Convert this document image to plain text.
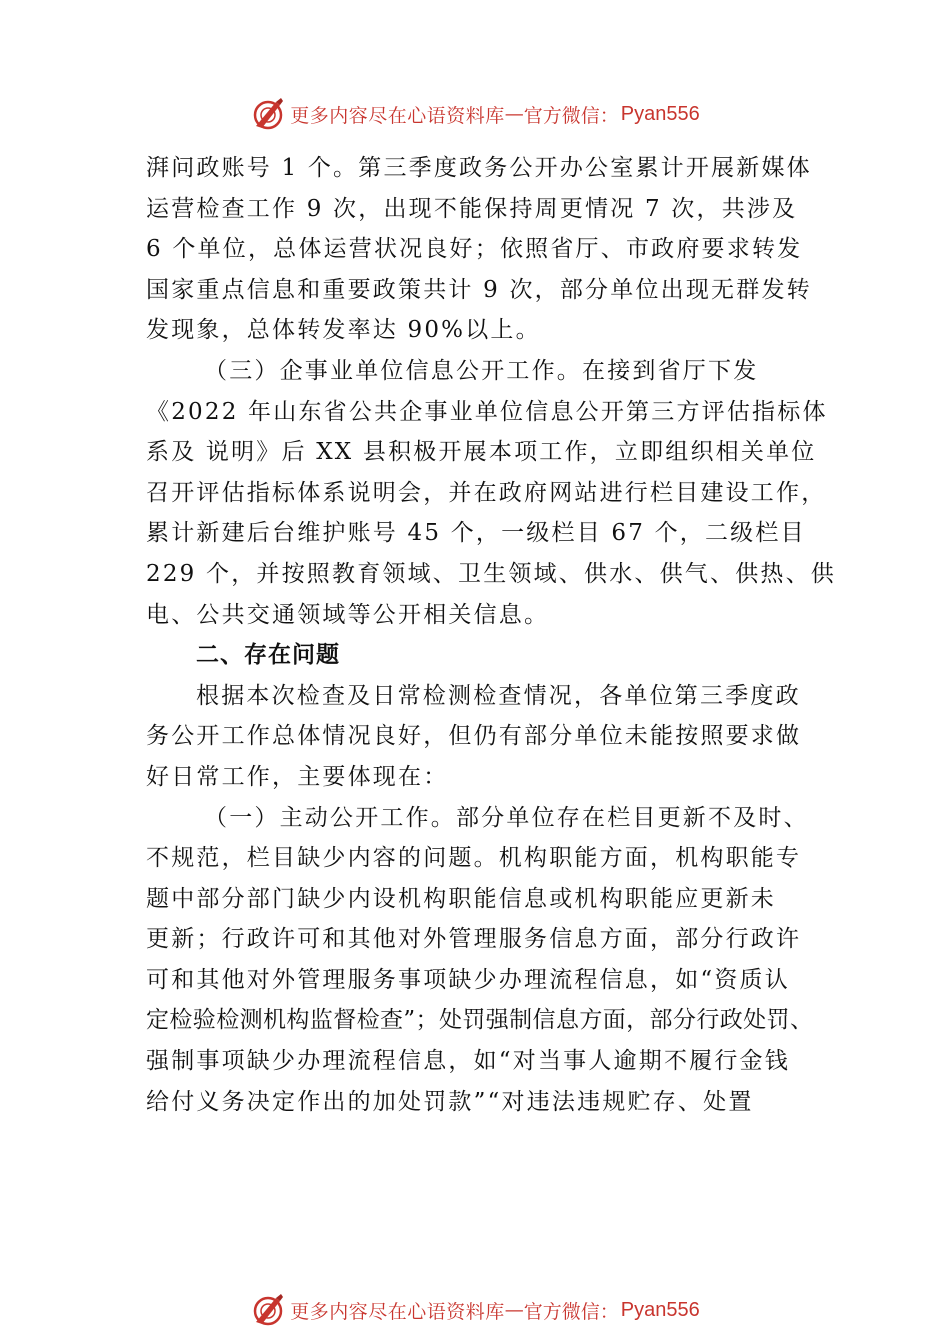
更多内容尽在心语资料库 — 官方微信： Pyan556
湃问政账号 1 个。第三季度政务公开办公室累计开展新媒体
运营检查工作 9 次，出现不能保持周更情况 7 次，共涉及
6 个单位，总体运营状况良好；依照省厅、市政府要求转发
国家重点信息和重要政策共计 9 次，部分单位出现无群发转
发现象，总体转发率达 90%以上。
（三）企事业单位信息公开工作。在接到省厅下发
《2022 年山东省公共企事业单位信息公开第三方评估指标体
系及 说明》后 XX 县积极开展本项工作，立即组织相关单位
召开评估指标体系说明会，并在政府网站进行栏目建设工作，
累计新建后台维护账号 45 个，一级栏目 67 个，二级栏目
229 个，并按照教育领域、卫生领域、供水、供气、供热、供
电、公共交通领域等公开相关信息。
二、存在问题
根据本次检查及日常检测检查情况，各单位第三季度政
务公开工作总体情况良好，但仍有部分单位未能按照要求做
好日常工作，主要体现在：
（一）主动公开工作。部分单位存在栏目更新不及时、
不规范，栏目缺少内容的问题。机构职能方面，机构职能专
题中部分部门缺少内设机构职能信息或机构职能应更新未
更新；行政许可和其他对外管理服务信息方面，部分行政许
可和其他对外管理服务事项缺少办理流程信息，如“资质认
定检验检测机构监督检查”；处罚强制信息方面，部分行政处罚、
强制事项缺少办理流程信息，如“对当事人逾期不履行金钱
给付义务决定作出的加处罚款”“对违法违规贮存、处置
更多内容尽在心语资料库 — 官方微信： Pyan556
